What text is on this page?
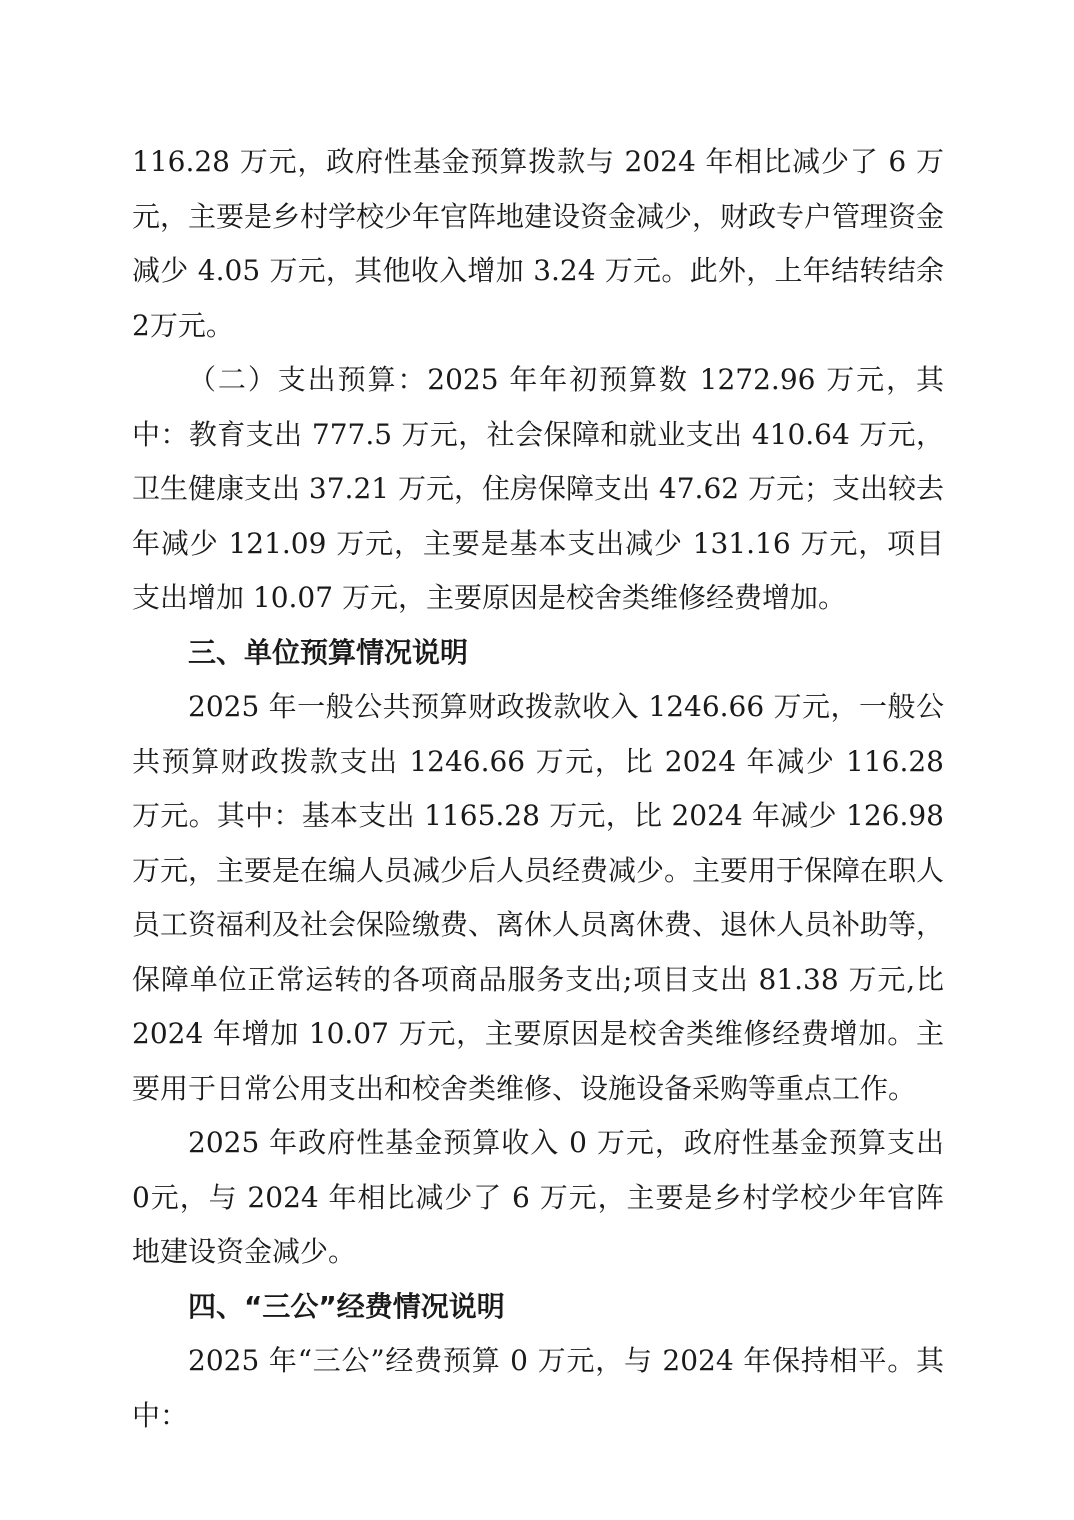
116.28 万元，政府性基金预算拨款与 2024 年相比减少了 6 万元，主要是乡村学校少年官阵地建设资金减少，财政专户管理资金减少 4.05 万元，其他收入增加 3.24 万元。此外，上年结转结余 2万元。

（二）支出预算：2025 年年初预算数 1272.96 万元，其中：教育支出 777.5 万元，社会保障和就业支出 410.64 万元，卫生健康支出 37.21 万元，住房保障支出 47.62 万元；支出较去年减少 121.09 万元，主要是基本支出减少 131.16 万元，项目支出增加 10.07 万元，主要原因是校舍类维修经费增加。

三、单位预算情况说明

2025 年一般公共预算财政拨款收入 1246.66 万元，一般公共预算财政拨款支出 1246.66 万元，比 2024 年减少 116.28 万元。其中：基本支出 1165.28 万元，比 2024 年减少 126.98 万元，主要是在编人员减少后人员经费减少。主要用于保障在职人员工资福利及社会保险缴费、离休人员离休费、退休人员补助等，保障单位正常运转的各项商品服务支出;项目支出 81.38 万元,比 2024 年增加 10.07 万元，主要原因是校舍类维修经费增加。主要用于日常公用支出和校舍类维修、设施设备采购等重点工作。

2025 年政府性基金预算收入 0 万元，政府性基金预算支出 0元，与 2024 年相比减少了 6 万元，主要是乡村学校少年官阵地建设资金减少。

四、“三公”经费情况说明

2025 年“三公”经费预算 0 万元，与 2024 年保持相平。其中：
